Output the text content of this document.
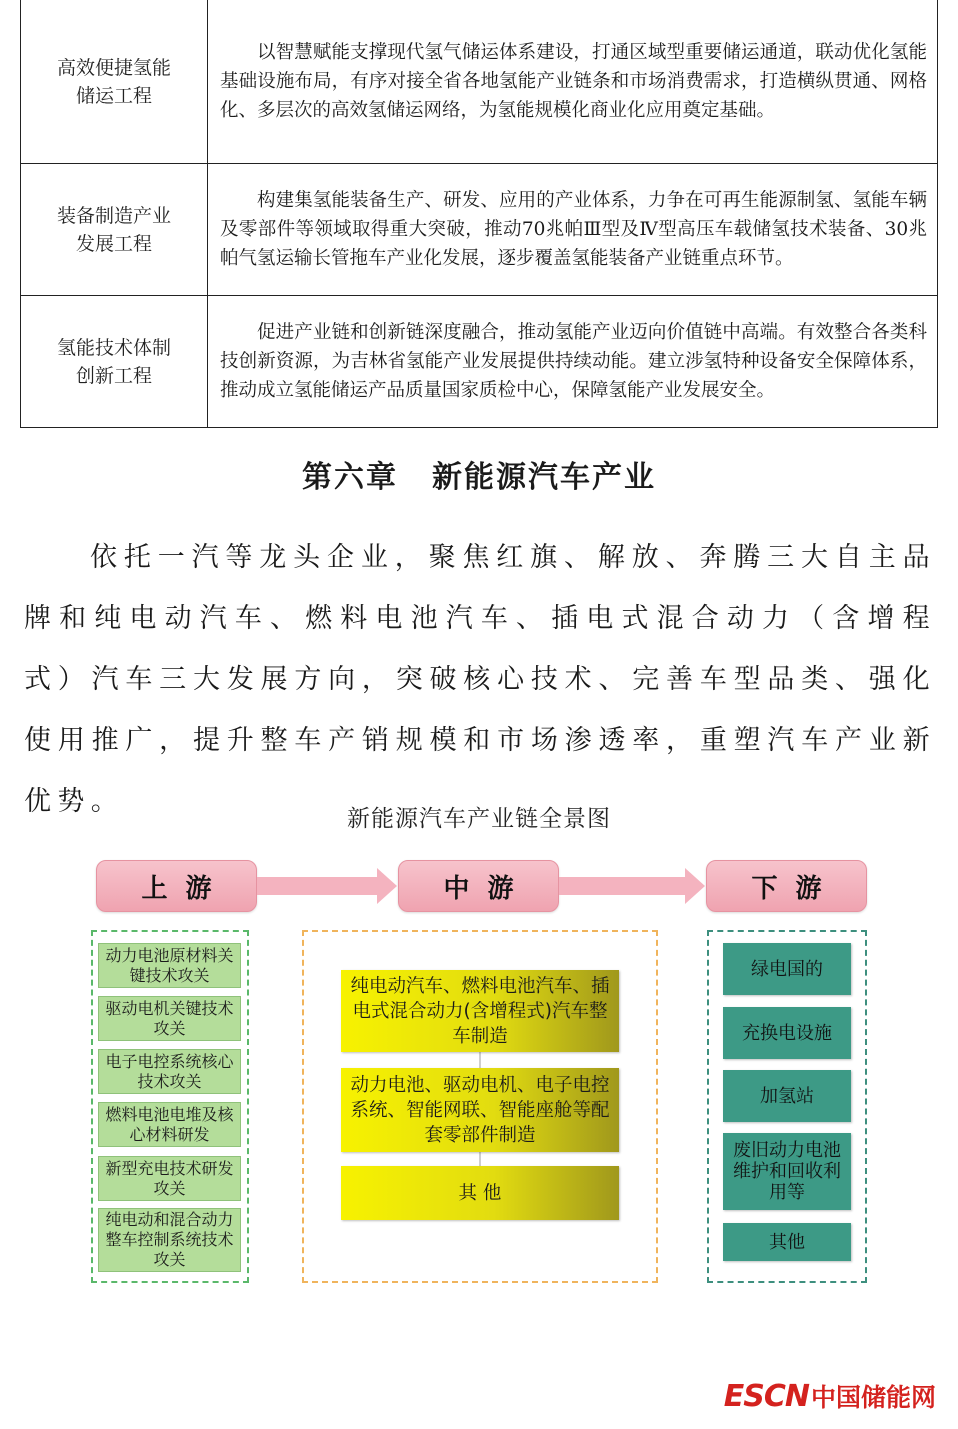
高效便捷氢能
储运工程	以智慧赋能支撑现代氢气储运体系建设，打通区域型重要储运通道，联动优化氢能基础设施布局，有序对接全省各地氢能产业链条和市场消费需求，打造横纵贯通、网格化、多层次的高效氢储运网络，为氢能规模化商业化应用奠定基础。

装备制造产业
发展工程	构建集氢能装备生产、研发、应用的产业体系，力争在可再生能源制氢、氢能车辆及零部件等领域取得重大突破，推动70兆帕Ⅲ型及Ⅳ型高压车载储氢技术装备、30兆帕气氢运输长管拖车产业化发展，逐步覆盖氢能装备产业链重点环节。

氢能技术体制
创新工程	促进产业链和创新链深度融合，推动氢能产业迈向价值链中高端。有效整合各类科技创新资源，为吉林省氢能产业发展提供持续动能。建立涉氢特种设备安全保障体系，推动成立氢能储运产品质量国家质检中心，保障氢能产业发展安全。
第六章 新能源汽车产业

依托一汽等龙头企业，聚焦红旗、解放、奔腾三大自主品牌和纯电动汽车、燃料电池汽车、插电式混合动力（含增程式）汽车三大发展方向，突破核心技术、完善车型品类、强化使用推广，提升整车产销规模和市场渗透率，重塑汽车产业新优势。

新能源汽车产业链全景图
上游	中游	下游
动力电池原材料关键技术攻关
驱动电机关键技术攻关
电子电控系统核心技术攻关
燃料电池电堆及核心材料研发
新型充电技术研发攻关
纯电动和混合动力整车控制系统技术攻关
纯电动汽车、燃料电池汽车、插电式混合动力(含增程式)汽车整车制造
动力电池、驱动电机、电子电控系统、智能网联、智能座舱等配套零部件制造
其 他
绿电国的
充换电设施
加氢站
废旧动力电池维护和回收利用等
其他
ESCN 中国储能网
